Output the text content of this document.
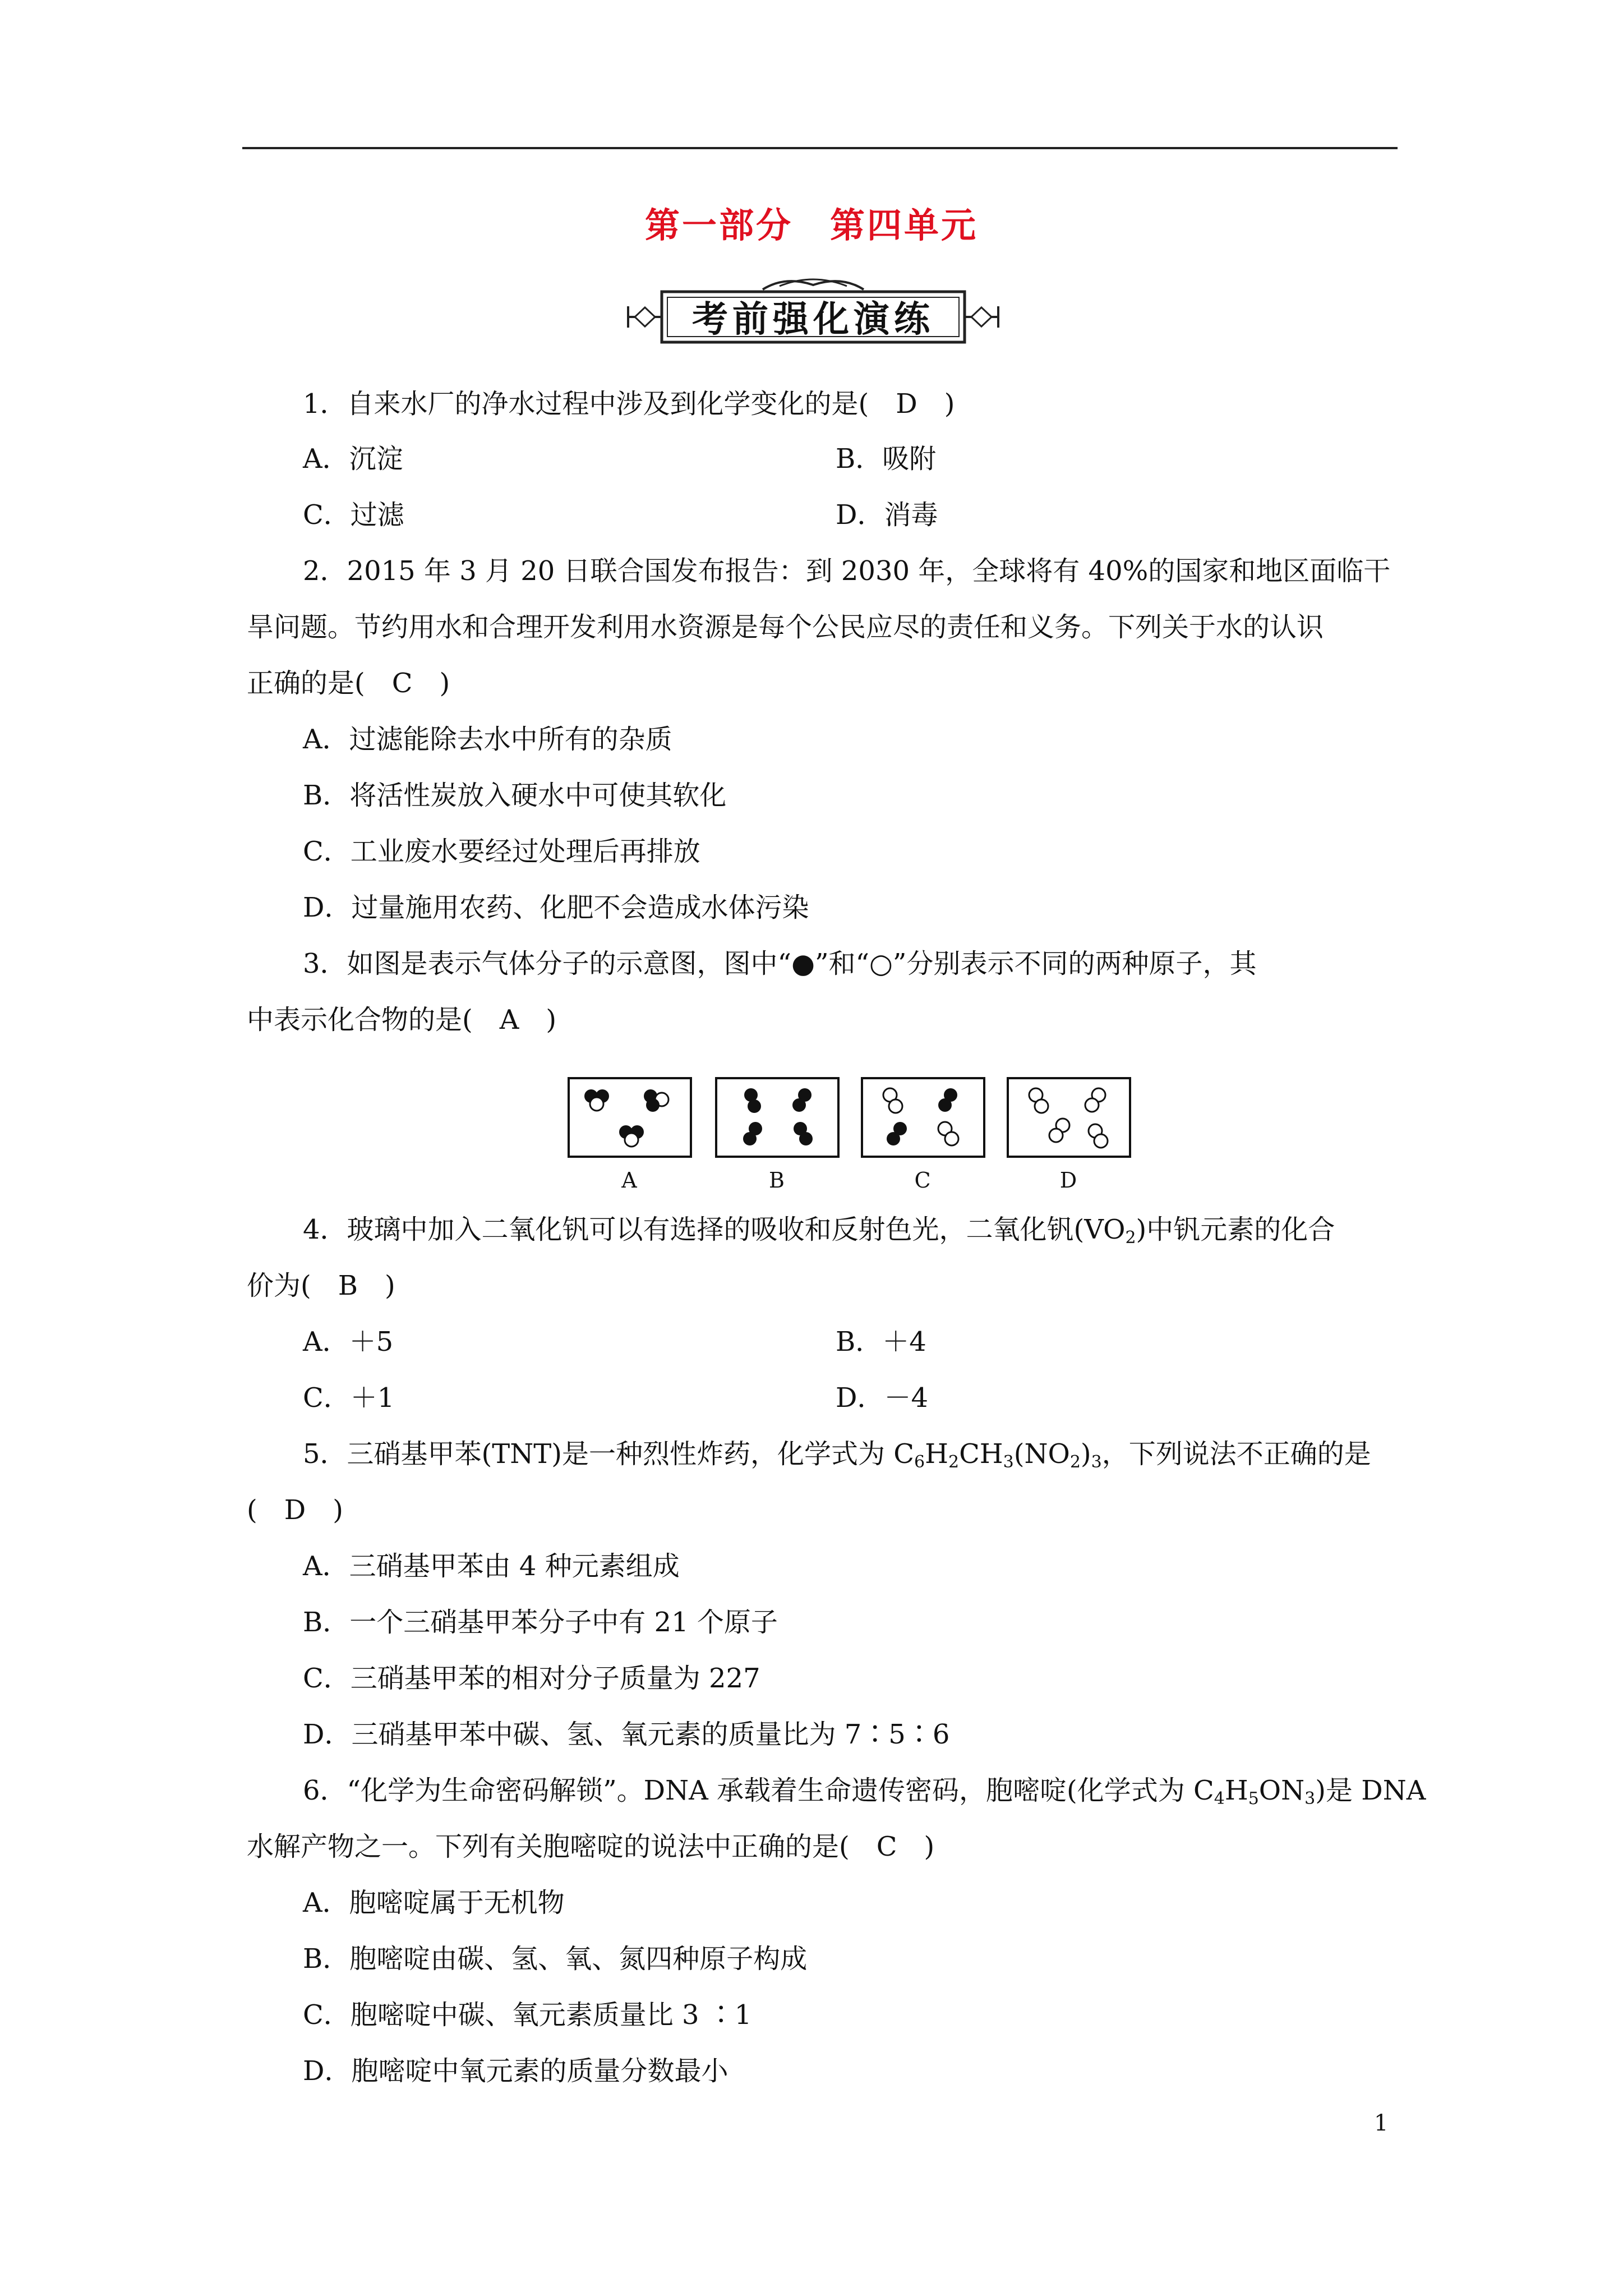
第一部分　第四单元
考前强化演练
1．自来水厂的净水过程中涉及到化学变化的是(　D　)
A．沉淀	B．吸附
C．过滤	D．消毒
2．2015 年 3 月 20 日联合国发布报告：到 2030 年，全球将有 40%的国家和地区面临干
旱问题。节约用水和合理开发利用水资源是每个公民应尽的责任和义务。下列关于水的认识
正确的是(　C　)
A．过滤能除去水中所有的杂质
B．将活性炭放入硬水中可使其软化
C．工业废水要经过处理后再排放
D．过量施用农药、化肥不会造成水体污染
3．如图是表示气体分子的示意图，图中“●”和“○”分别表示不同的两种原子，其
中表示化合物的是(　A　)
A	B	C	D
4．玻璃中加入二氧化钒可以有选择的吸收和反射色光，二氧化钒$(VO_2)$中钒元素的化合
价为(　B　)
A．＋5	B．＋4
C．＋1	D．－4
5．三硝基甲苯(TNT)是一种烈性炸药，化学式为 $C_6H_2CH_3(NO_2)_3$，下列说法不正确的是
(　D　)
A．三硝基甲苯由 4 种元素组成
B．一个三硝基甲苯分子中有 21 个原子
C．三硝基甲苯的相对分子质量为 227
D．三硝基甲苯中碳、氢、氧元素的质量比为 7∶5∶6
6．“化学为生命密码解锁”。DNA 承载着生命遗传密码，胞嘧啶(化学式为 $C_4H_5ON_3$)是 DNA
水解产物之一。下列有关胞嘧啶的说法中正确的是(　C　)
A．胞嘧啶属于无机物
B．胞嘧啶由碳、氢、氧、氮四种原子构成
C．胞嘧啶中碳、氧元素质量比 3 ∶1
D．胞嘧啶中氧元素的质量分数最小
1
